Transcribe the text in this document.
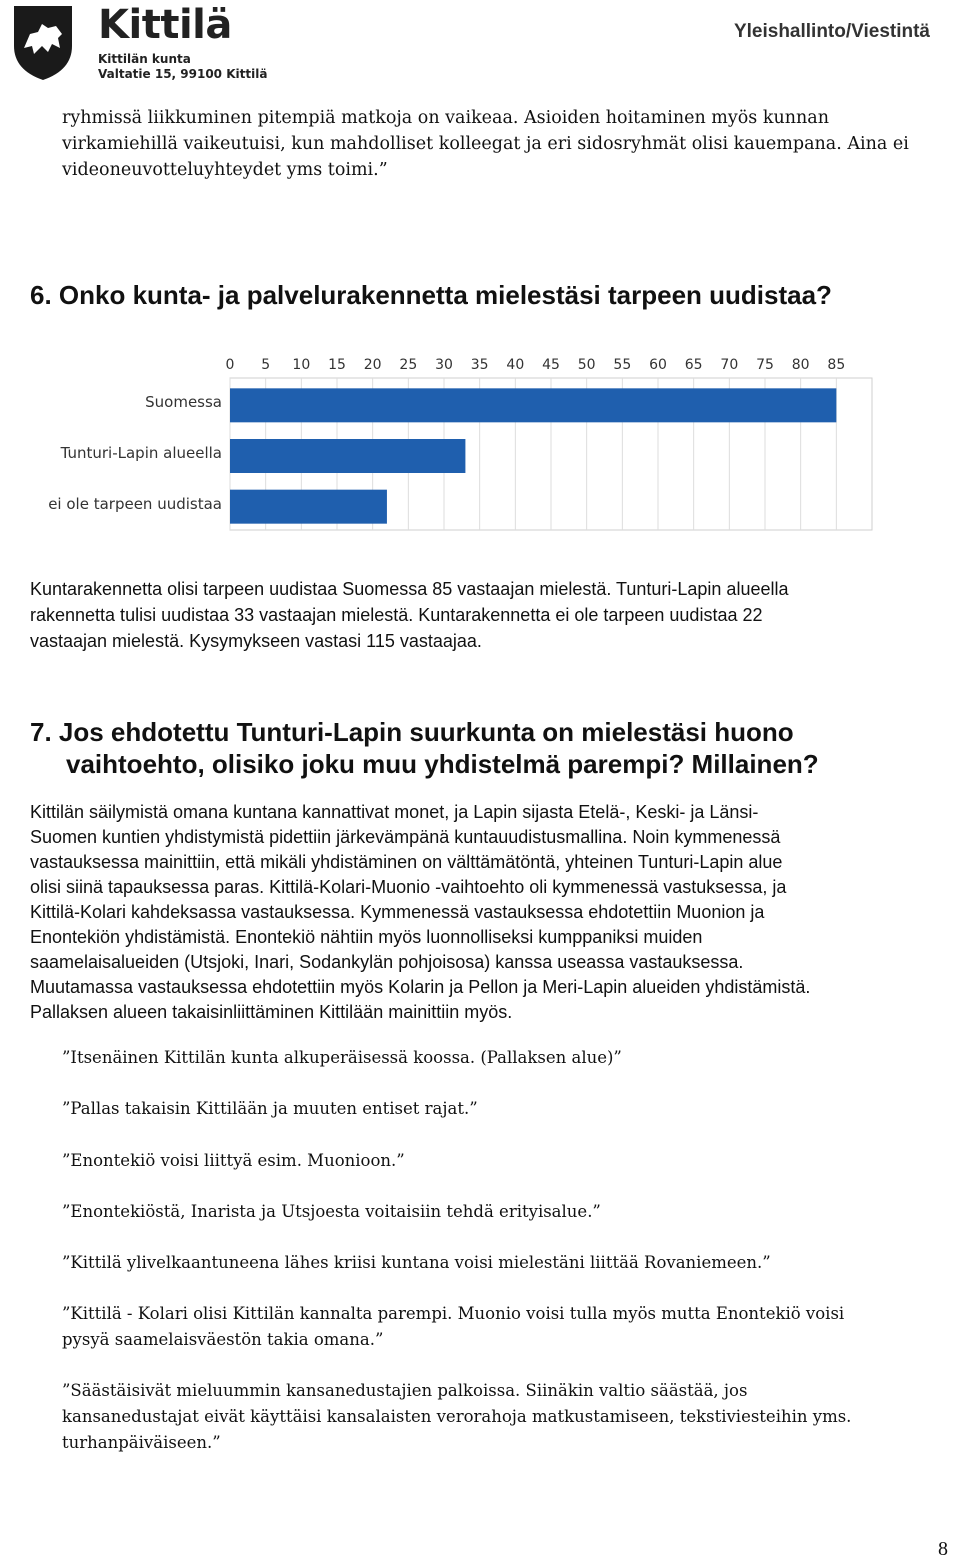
Kittilä
Kittilän kunta
Valtatie 15, 99100 Kittilä
Yleishallinto/Viestintä
ryhmissä liikkuminen pitempiä matkoja on vaikeaa. Asioiden hoitaminen myös kunnan
virkamiehillä vaikeutuisi, kun mahdolliset kolleegat ja eri sidosryhmät olisi kauempana. Aina ei
videoneuvotteluyhteydet yms toimi.”
6. Onko kunta- ja palvelurakennetta mielestäsi tarpeen uudistaa?
0 5 10 15 20 25 30 35 40 45 50 55 60 65 70 75 80 85
Kuntarakennetta olisi tarpeen uudistaa Suomessa 85 vastaajan mielestä. Tunturi-Lapin alueella
rakennetta tulisi uudistaa 33 vastaajan mielestä. Kuntarakennetta ei ole tarpeen uudistaa 22
vastaajan mielestä. Kysymykseen vastasi 115 vastaajaa.
7. Jos ehdotettu Tunturi-Lapin suurkunta on mielestäsi huono
vaihtoehto, olisiko joku muu yhdistelmä parempi? Millainen?
Kittilän säilymistä omana kuntana kannattivat monet, ja Lapin sijasta Etelä-, Keski- ja Länsi-
Suomen kuntien yhdistymistä pidettiin järkevämpänä kuntauudistusmallina. Noin kymmenessä
vastauksessa mainittiin, että mikäli yhdistäminen on välttämätöntä, yhteinen Tunturi-Lapin alue
olisi siinä tapauksessa paras. Kittilä-Kolari-Muonio -vaihtoehto oli kymmenessä vastuksessa, ja
Kittilä-Kolari kahdeksassa vastauksessa. Kymmenessä vastauksessa ehdotettiin Muonion ja
Enontekiön yhdistämistä. Enontekiö nähtiin myös luonnolliseksi kumppaniksi muiden
saamelaisalueiden (Utsjoki, Inari, Sodankylän pohjoisosa) kanssa useassa vastauksessa.
Muutamassa vastauksessa ehdotettiin myös Kolarin ja Pellon ja Meri-Lapin alueiden yhdistämistä.
Pallaksen alueen takaisinliittäminen Kittilään mainittiin myös.
”Itsenäinen Kittilän kunta alkuperäisessä koossa. (Pallaksen alue)”
”Pallas takaisin Kittilään ja muuten entiset rajat.”
”Enontekiö voisi liittyä esim. Muonioon.”
”Enontekiöstä, Inarista ja Utsjoesta voitaisiin tehdä erityisalue.”
”Kittilä ylivelkaantuneena lähes kriisi kuntana voisi mielestäni liittää Rovaniemeen.”
”Kittilä - Kolari olisi Kittilän kannalta parempi. Muonio voisi tulla myös mutta Enontekiö voisi
pysyä saamelaisväestön takia omana.”
”Säästäisivät mieluummin kansanedustajien palkoissa. Siinäkin valtio säästää, jos
kansanedustajat eivät käyttäisi kansalaisten verorahoja matkustamiseen, tekstiviesteihin yms.
turhanpäiväiseen.”
8
Suomessa
Tunturi-Lapin alueella
ei ole tarpeen uudistaa
